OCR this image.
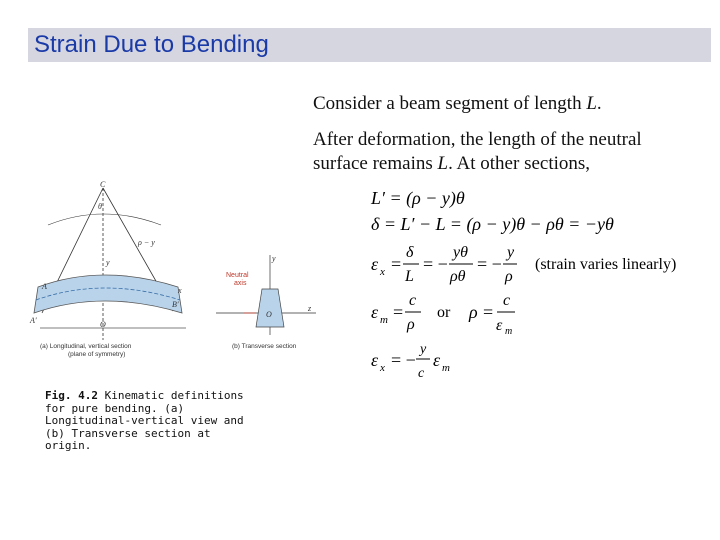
Strain Due to Bending
Consider a beam segment of length L.
After deformation, the length of the neutral
surface remains L. At other sections,
C
θ
ρ − y
y
A	x
A′	O
B′
y
O
z
Neutral
axis
(a) Longitudinal, vertical section
(plane of symmetry)
(b) Transverse section
Fig. 4.2 Kinematic definitions for pure bending. (a) Longitudinal-vertical view and (b) Transverse section at origin.
L′ = (ρ − y)θ
δ = L′ − L = (ρ − y)θ − ρθ = −yθ
ε x =
δ
L
= −
yθ
ρθ
= −
y
ρ
(strain varies linearly)
ε m =
c
ρ
or ρ =
c
ε m
ε x = −
y
c
ε m
